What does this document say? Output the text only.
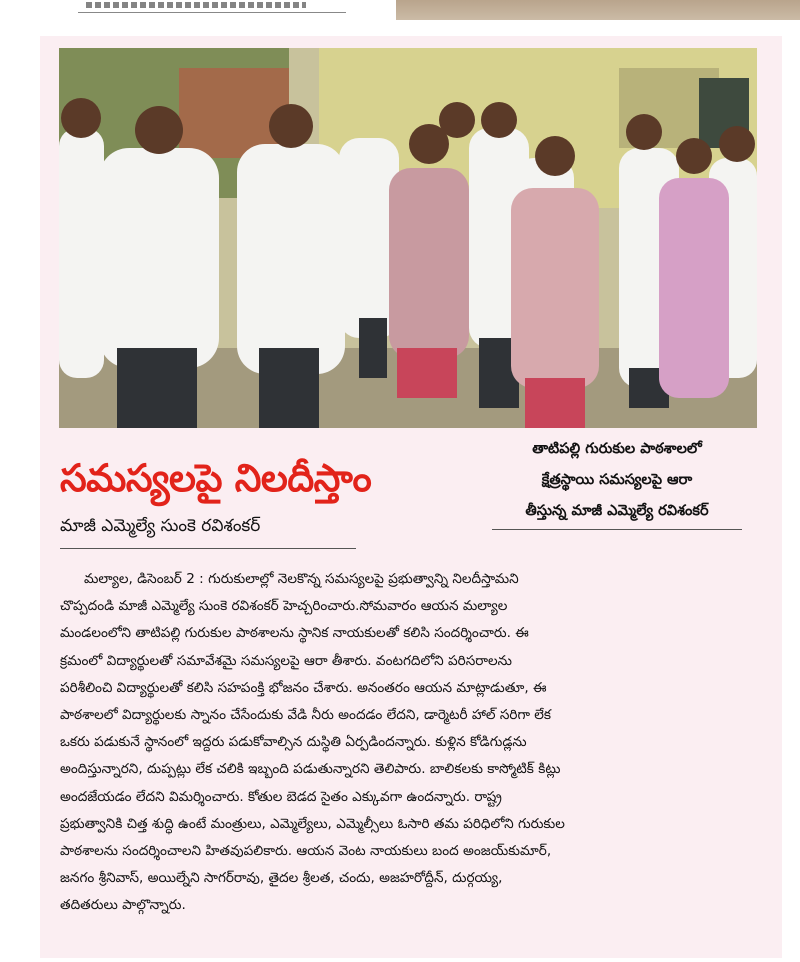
తాటిపల్లి గురుకుల పాఠశాలలో
క్షేత్రస్థాయి సమస్యలపై ఆరా
తీస్తున్న మాజీ ఎమ్మెల్యే రవిశంకర్
సమస్యలపై నిలదీస్తాం
మాజీ ఎమ్మెల్యే సుంకె రవిశంకర్
మల్యాల, డిసెంబర్ 2 : గురుకులాల్లో నెలకొన్న సమస్యలపై ప్రభుత్వాన్ని నిలదీస్తామని
చొప్పదండి మాజీ ఎమ్మెల్యే సుంకె రవిశంకర్ హెచ్చరించారు.సోమవారం ఆయన మల్యాల
మండలంలోని తాటిపల్లి గురుకుల పాఠశాలను స్థానిక నాయకులతో కలిసి సందర్శించారు. ఈ
క్రమంలో విద్యార్థులతో సమావేశమై సమస్యలపై ఆరా తీశారు. వంటగదిలోని పరిసరాలను
పరిశీలించి విద్యార్థులతో కలిసి సహపంక్తి భోజనం చేశారు. అనంతరం ఆయన మాట్లాడుతూ, ఈ
పాఠశాలలో విద్యార్థులకు స్నానం చేసేందుకు వేడి నీరు అందడం లేదని, డార్మెటరీ హాల్ సరిగా లేక
ఒకరు పడుకునే స్థానంలో ఇద్దరు పడుకోవాల్సిన దుస్థితి ఏర్పడిందన్నారు. కుళ్లిన కోడిగుడ్లను
అందిస్తున్నారని, దుప్పట్లు లేక చలికి ఇబ్బంది పడుతున్నారని తెలిపారు. బాలికలకు కాస్మోటిక్ కిట్లు
అందజేయడం లేదని విమర్శించారు. కోతుల బెడద సైతం ఎక్కువగా ఉందన్నారు. రాష్ట్ర
ప్రభుత్వానికి చిత్త శుద్ధి ఉంటే మంత్రులు, ఎమ్మెల్యేలు, ఎమ్మెల్సీలు ఓసారి తమ పరిధిలోని గురుకుల
పాఠశాలను సందర్శించాలని హితవుపలికారు. ఆయన వెంట నాయకులు బంద అంజయ్‌కుమార్,
జనగం శ్రీనివాస్, అయిల్నేని సాగర్‌రావు, తైదల శ్రీలత, చందు, అజహరోద్దీన్, దుర్గయ్య,
తదితరులు పాల్గొన్నారు.
